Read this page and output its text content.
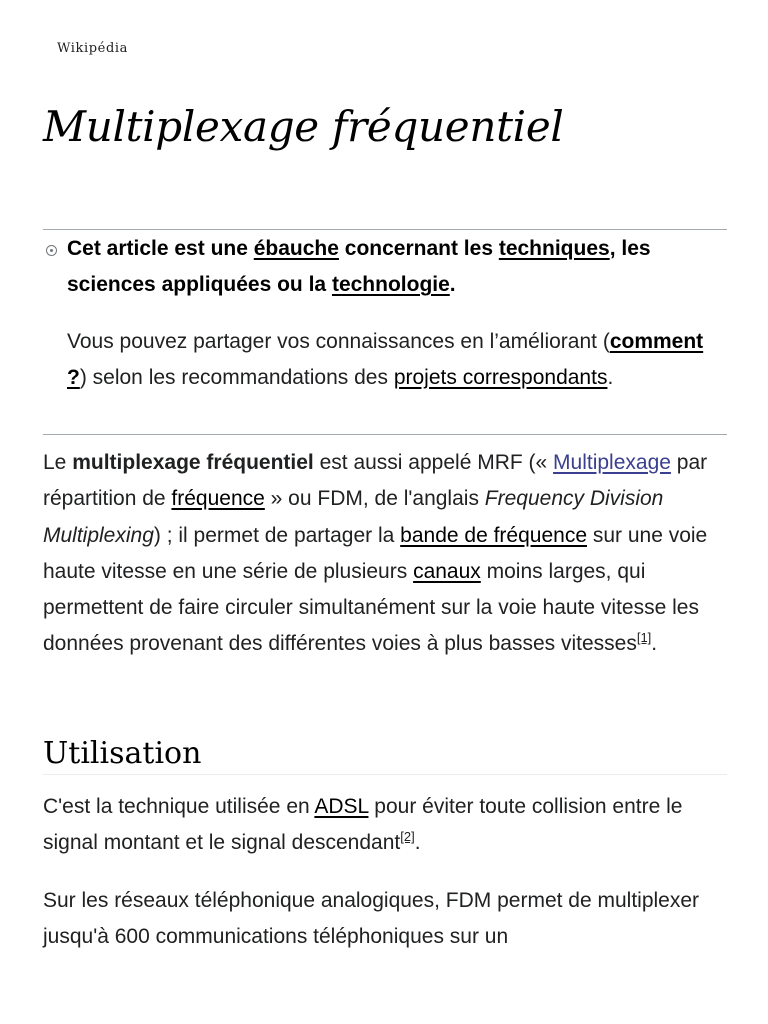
Wikipédia
Multiplexage fréquentiel
Cet article est une ébauche concernant les techniques, les sciences appliquées ou la technologie.
Vous pouvez partager vos connaissances en l’améliorant (comment ?) selon les recommandations des projets correspondants.

Le multiplexage fréquentiel est aussi appelé MRF (« Multiplexage par répartition de fréquence » ou FDM, de l'anglais Frequency Division Multiplexing) ; il permet de partager la bande de fréquence sur une voie haute vitesse en une série de plusieurs canaux moins larges, qui permettent de faire circuler simultanément sur la voie haute vitesse les données provenant des différentes voies à plus basses vitesses[1].

Utilisation

C'est la technique utilisée en ADSL pour éviter toute collision entre le signal montant et le signal descendant[2].

Sur les réseaux téléphonique analogiques, FDM permet de multiplexer jusqu'à 600 communications téléphoniques sur un
